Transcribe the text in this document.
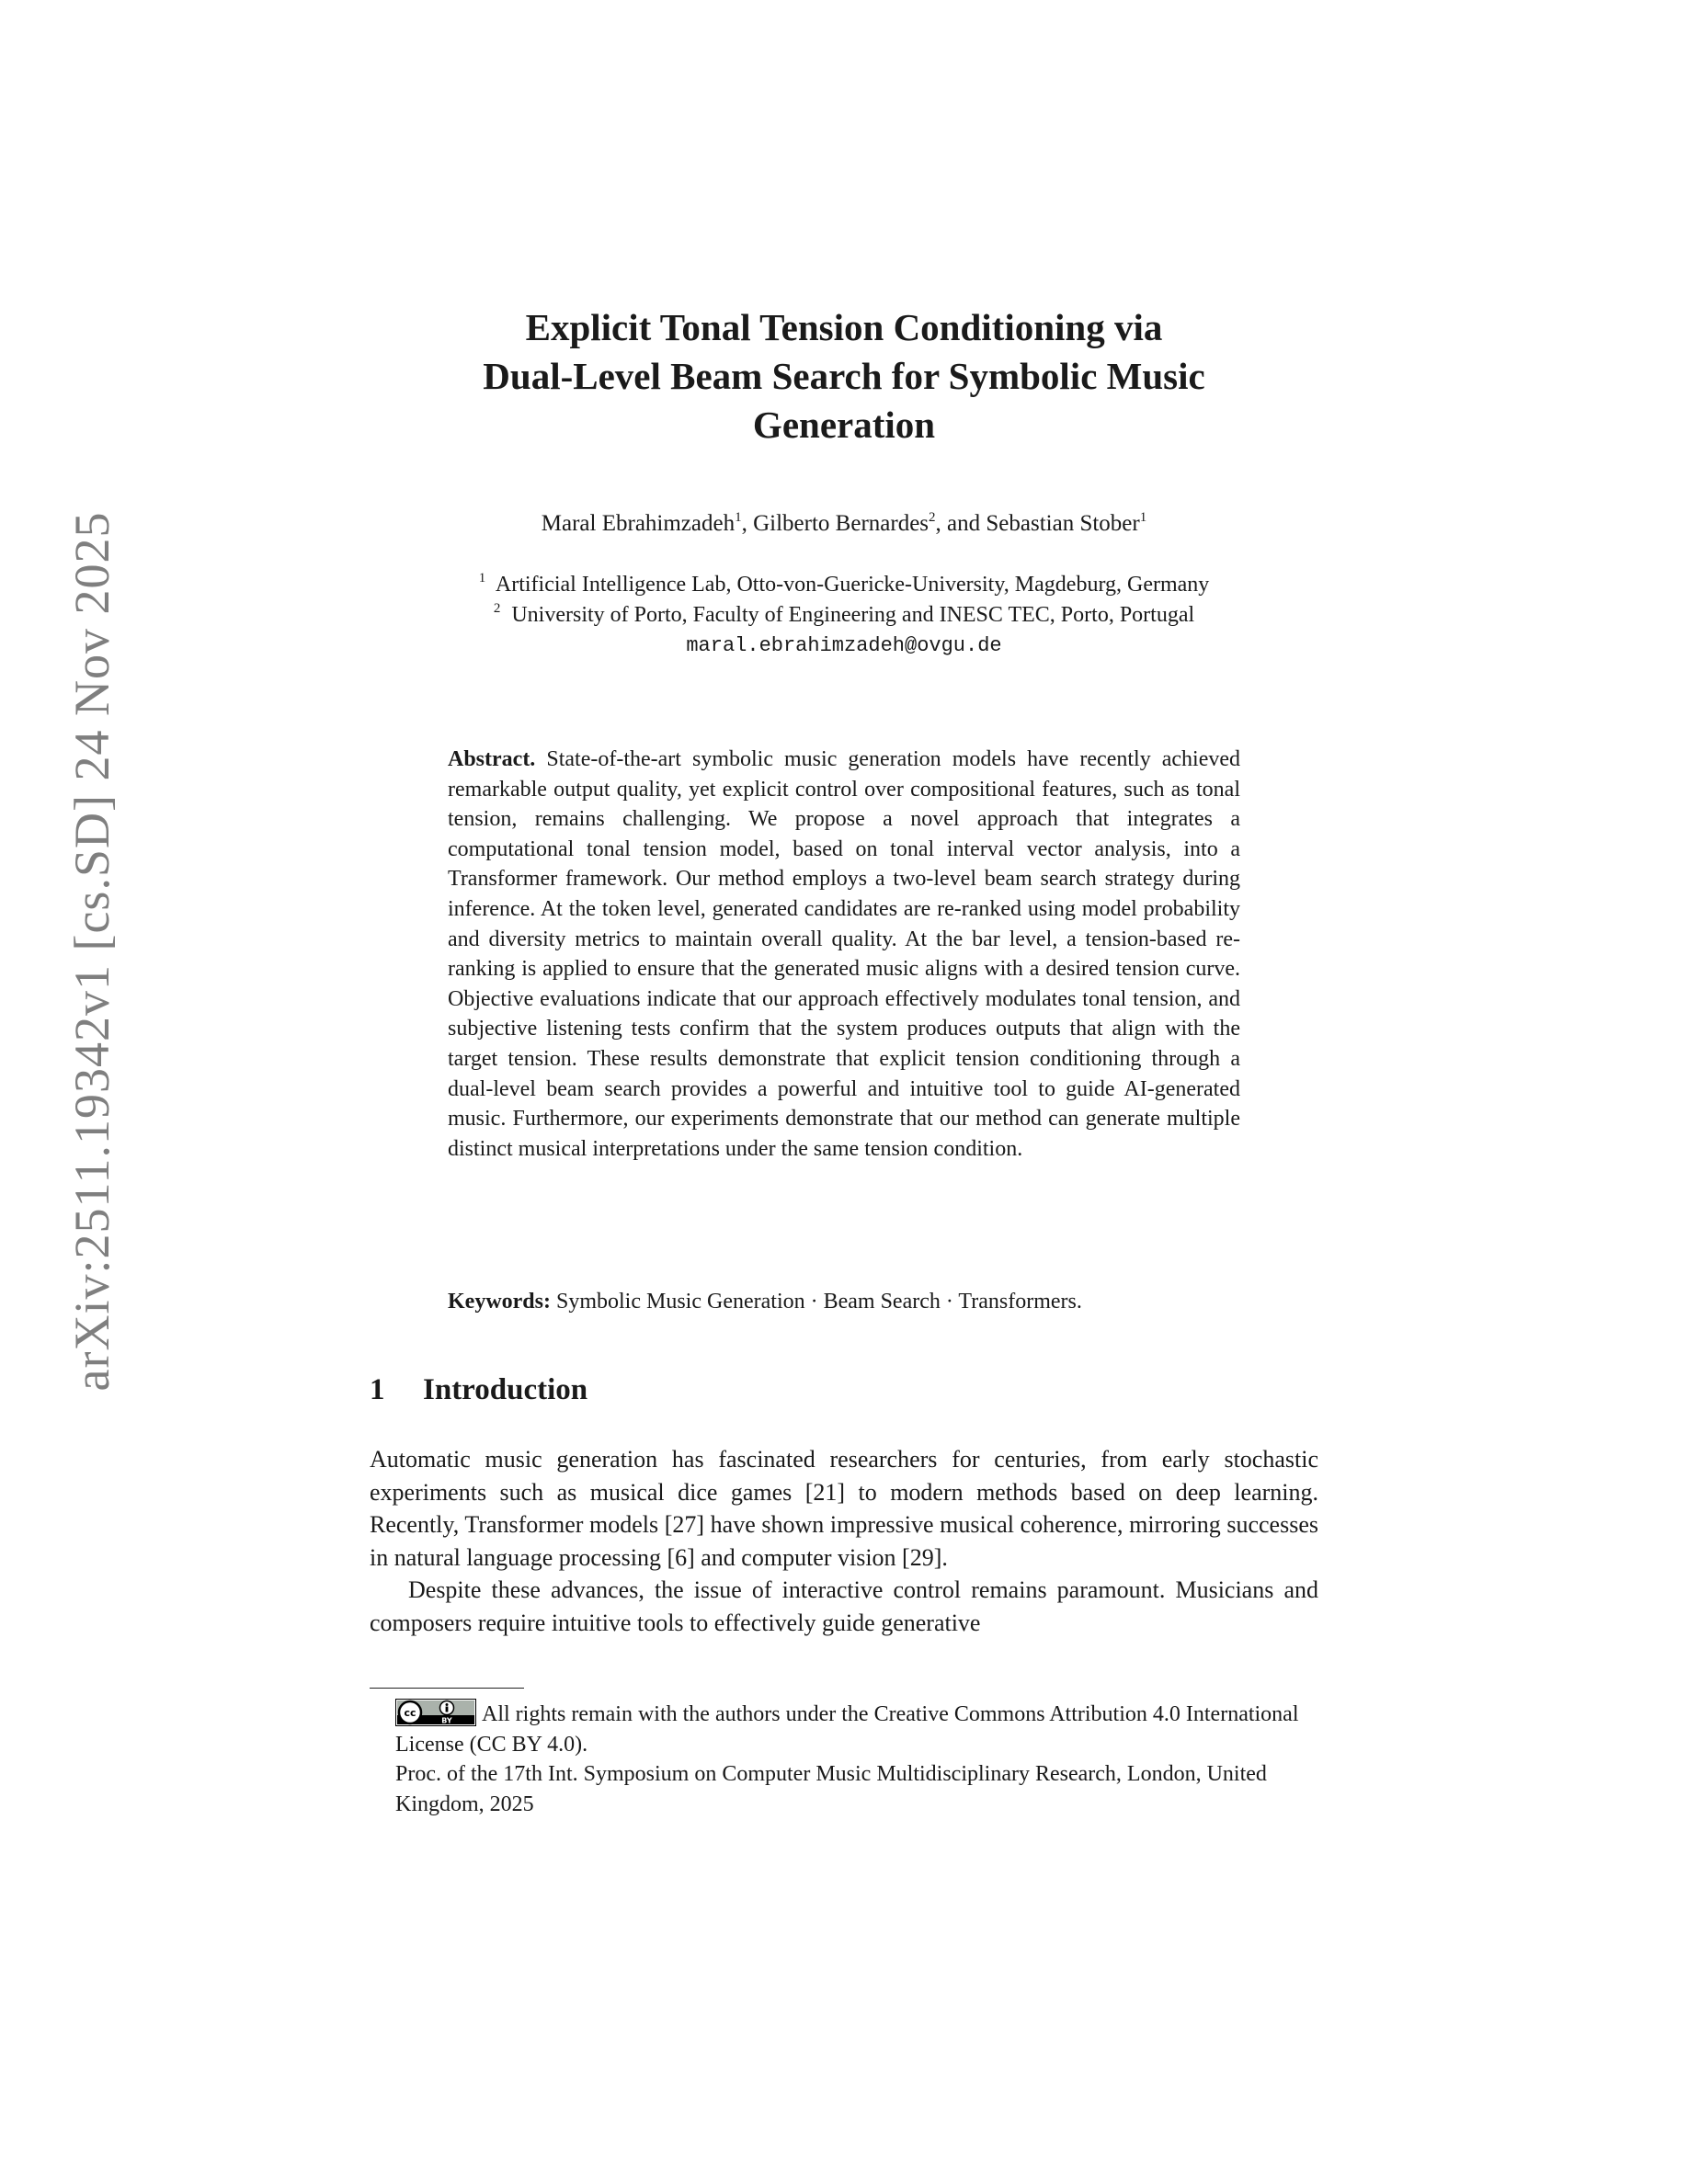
arXiv:2511.19342v1 [cs.SD] 24 Nov 2025
Explicit Tonal Tension Conditioning via
Dual-Level Beam Search for Symbolic Music
Generation
Maral Ebrahimzadeh$^1$, Gilberto Bernardes$^2$, and Sebastian Stober$^1$
$^1$ Artificial Intelligence Lab, Otto-von-Guericke-University, Magdeburg, Germany
$^2$ University of Porto, Faculty of Engineering and INESC TEC, Porto, Portugal
maral.ebrahimzadeh@ovgu.de
Abstract. State-of-the-art symbolic music generation models have recently achieved remarkable output quality, yet explicit control over compositional features, such as tonal tension, remains challenging. We propose a novel approach that integrates a computational tonal tension model, based on tonal interval vector analysis, into a Transformer framework. Our method employs a two-level beam search strategy during inference. At the token level, generated candidates are re-ranked using model probability and diversity metrics to maintain overall quality. At the bar level, a tension-based re-ranking is applied to ensure that the generated music aligns with a desired tension curve. Objective evaluations indicate that our approach effectively modulates tonal tension, and subjective listening tests confirm that the system produces outputs that align with the target tension. These results demonstrate that explicit tension conditioning through a dual-level beam search provides a powerful and intuitive tool to guide AI-generated music. Furthermore, our experiments demonstrate that our method can generate multiple distinct musical interpretations under the same tension condition.
Keywords: Symbolic Music Generation · Beam Search · Transformers.
1 Introduction

Automatic music generation has fascinated researchers for centuries, from early stochastic experiments such as musical dice games [21] to modern methods based on deep learning. Recently, Transformer models [27] have shown impressive musical coherence, mirroring successes in natural language processing [6] and computer vision [29].

Despite these advances, the issue of interactive control remains paramount. Musicians and composers require intuitive tools to effectively guide generative

cc
BY All rights remain with the authors under the Creative Commons Attribution 4.0 International License (CC BY 4.0).

Proc. of the 17th Int. Symposium on Computer Music Multidisciplinary Research, London, United Kingdom, 2025
